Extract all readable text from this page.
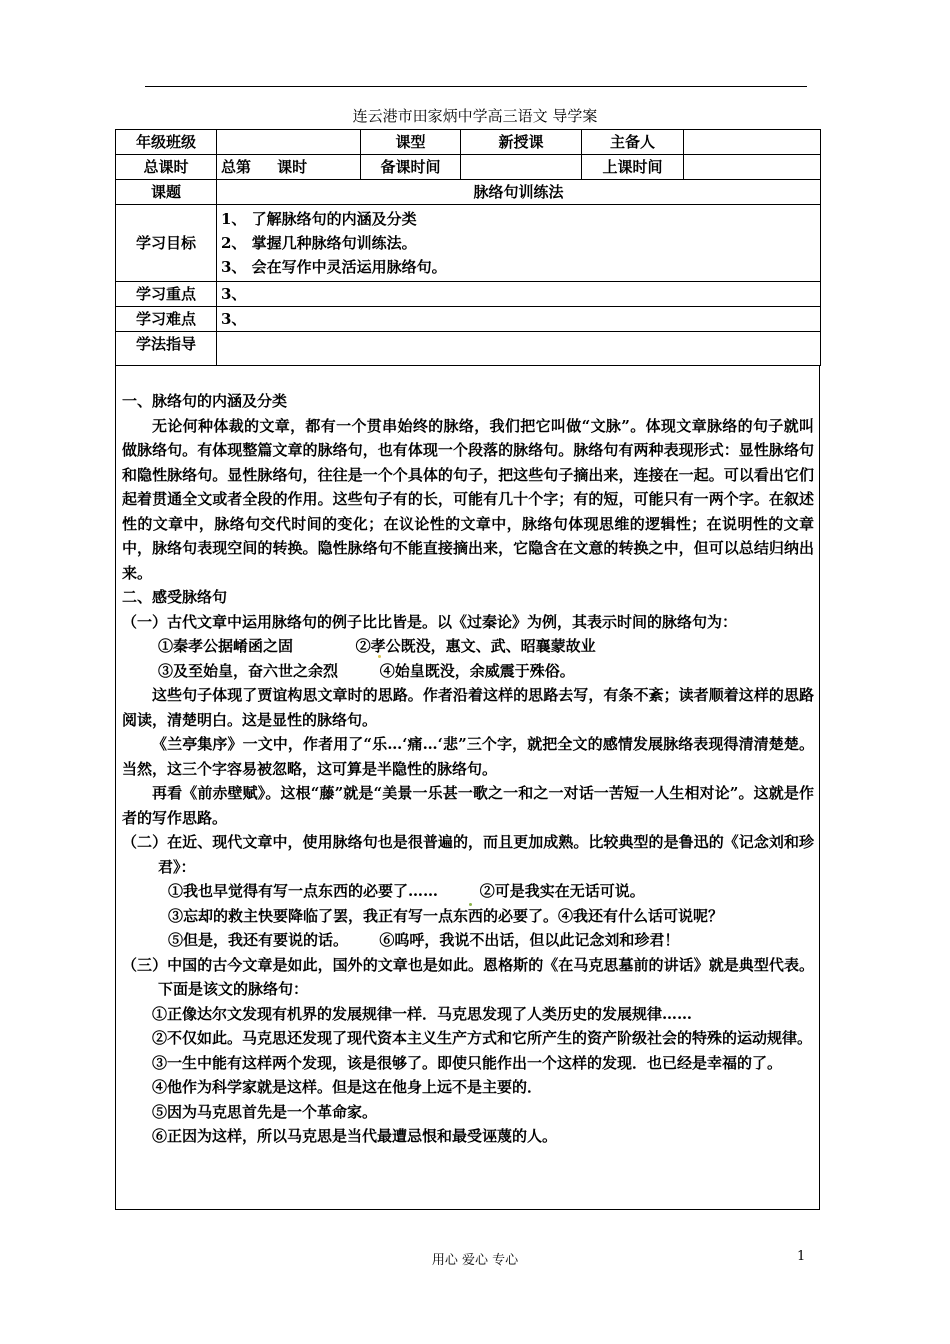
连云港市田家炳中学高三语文 导学案
年级班级		课型	新授课	主备人	
总课时	总第     课时	备课时间		上课时间	
课题	脉络句训练法				
学习目标	1、 了解脉络句的内涵及分类
2、 掌握几种脉络句训练法。
3、 会在写作中灵活运用脉络句。				

学习重点	3、				
学习难点	3、				
学法指导					

一、脉络句的内涵及分类

无论何种体裁的文章，都有一个贯串始终的脉络，我们把它叫做“文脉”。体现文章脉络的句子就叫做脉络句。有体现整篇文章的脉络句，也有体现一个段落的脉络句。脉络句有两种表现形式：显性脉络句和隐性脉络句。显性脉络句，往往是一个个具体的句子，把这些句子摘出来，连接在一起。可以看出它们起着贯通全文或者全段的作用。这些句子有的长，可能有几十个字；有的短，可能只有一两个字。在叙述性的文章中，脉络句交代时间的变化；在议论性的文章中，脉络句体现思维的逻辑性；在说明性的文章中，脉络句表现空间的转换。隐性脉络句不能直接摘出来，它隐含在文意的转换之中，但可以总结归纳出来。

二、感受脉络句

（一）古代文章中运用脉络句的例子比比皆是。以《过秦论》为例，其表示时间的脉络句为：

①秦孝公据崤函之固            ②孝公既没，惠文、武、昭襄蒙故业

③及至始皇，奋六世之余烈        ④始皇既没，余威震于殊俗。

这些句子体现了贾谊构思文章时的思路。作者沿着这样的思路去写，有条不紊；读者顺着这样的思路阅读，清楚明白。这是显性的脉络句。

《兰亭集序》一文中，作者用了“乐…‘痛…‘悲”三个字，就把全文的感情发展脉络表现得清清楚楚。当然，这三个字容易被忽略，这可算是半隐性的脉络句。

再看《前赤壁赋》。这根“藤”就是“美景一乐甚一歌之一和之一对话一苦短一人生相对论”。这就是作者的写作思路。

（二）在近、现代文章中，使用脉络句也是很普遍的，而且更加成熟。比较典型的是鲁迅的《记念刘和珍君》：

①我也早觉得有写一点东西的必要了……        ②可是我实在无话可说。

③忘却的救主快要降临了罢，我正有写一点东西的必要了。④我还有什么话可说呢？

⑤但是，我还有要说的话。      ⑥呜呼，我说不出话，但以此记念刘和珍君！

（三）中国的古今文章是如此，国外的文章也是如此。恩格斯的《在马克思墓前的讲话》就是典型代表。下面是该文的脉络句：

①正像达尔文发现有机界的发展规律一样．马克思发现了人类历史的发展规律……

②不仅如此。马克思还发现了现代资本主义生产方式和它所产生的资产阶级社会的特殊的运动规律。

③一生中能有这样两个发现，该是很够了。即使只能作出一个这样的发现．也已经是幸福的了。

④他作为科学家就是这样。但是这在他身上远不是主要的．

⑤因为马克思首先是一个革命家。

⑥正因为这样，所以马克思是当代最遭忌恨和最受诬蔑的人。

用心 爱心 专心	1
